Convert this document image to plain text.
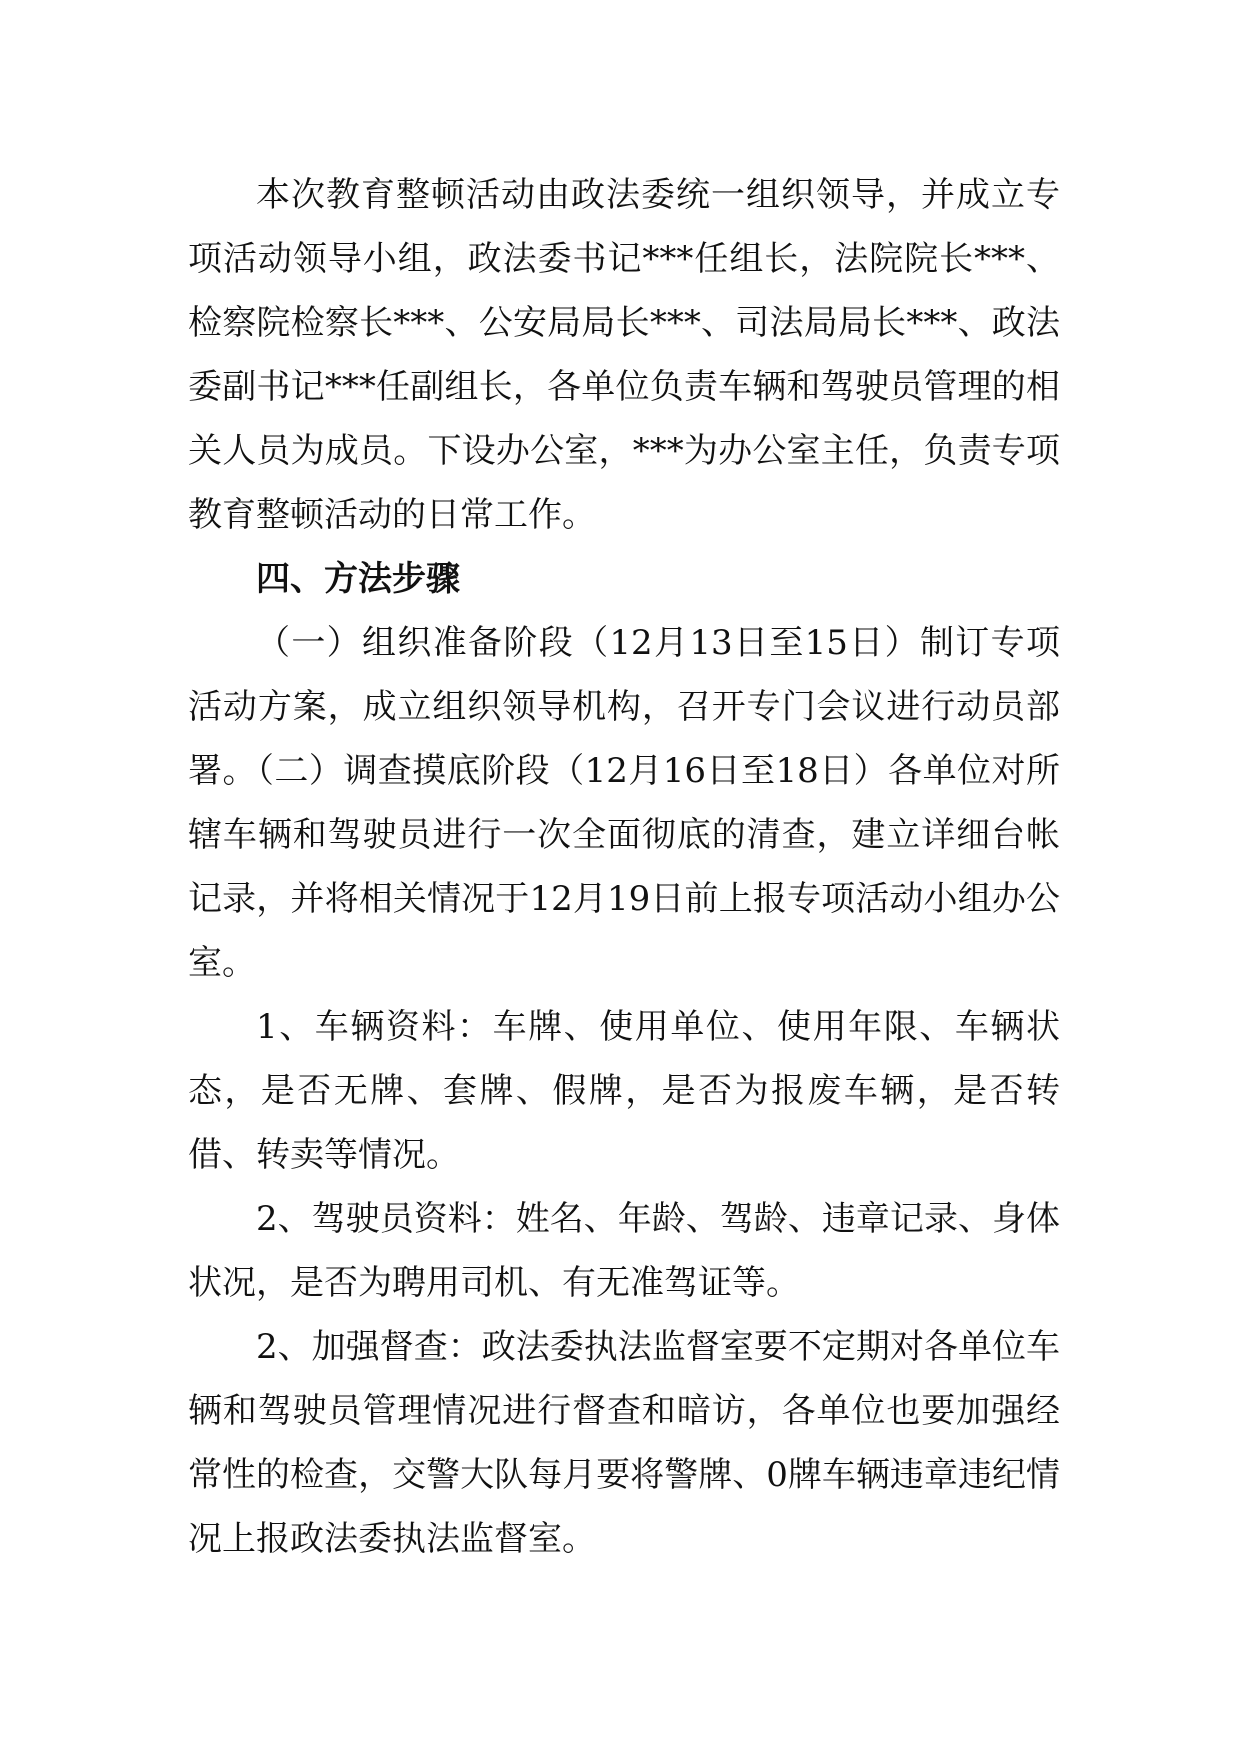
本次教育整顿活动由政法委统一组织领导，并成立专项活动领导小组，政法委书记***任组长，法院院长***、检察院检察长***、公安局局长***、司法局局长***、政法委副书记***任副组长，各单位负责车辆和驾驶员管理的相关人员为成员。下设办公室，***为办公室主任，负责专项教育整顿活动的日常工作。

四、方法步骤

（一）组织准备阶段（12月13日至15日）制订专项活动方案，成立组织领导机构，召开专门会议进行动员部署。（二）调查摸底阶段（12月16日至18日）各单位对所辖车辆和驾驶员进行一次全面彻底的清查，建立详细台帐记录，并将相关情况于12月19日前上报专项活动小组办公室。

1、车辆资料：车牌、使用单位、使用年限、车辆状态，是否无牌、套牌、假牌，是否为报废车辆，是否转借、转卖等情况。

2、驾驶员资料：姓名、年龄、驾龄、违章记录、身体状况，是否为聘用司机、有无准驾证等。

2、加强督查：政法委执法监督室要不定期对各单位车辆和驾驶员管理情况进行督查和暗访，各单位也要加强经常性的检查，交警大队每月要将警牌、0牌车辆违章违纪情况上报政法委执法监督室。
